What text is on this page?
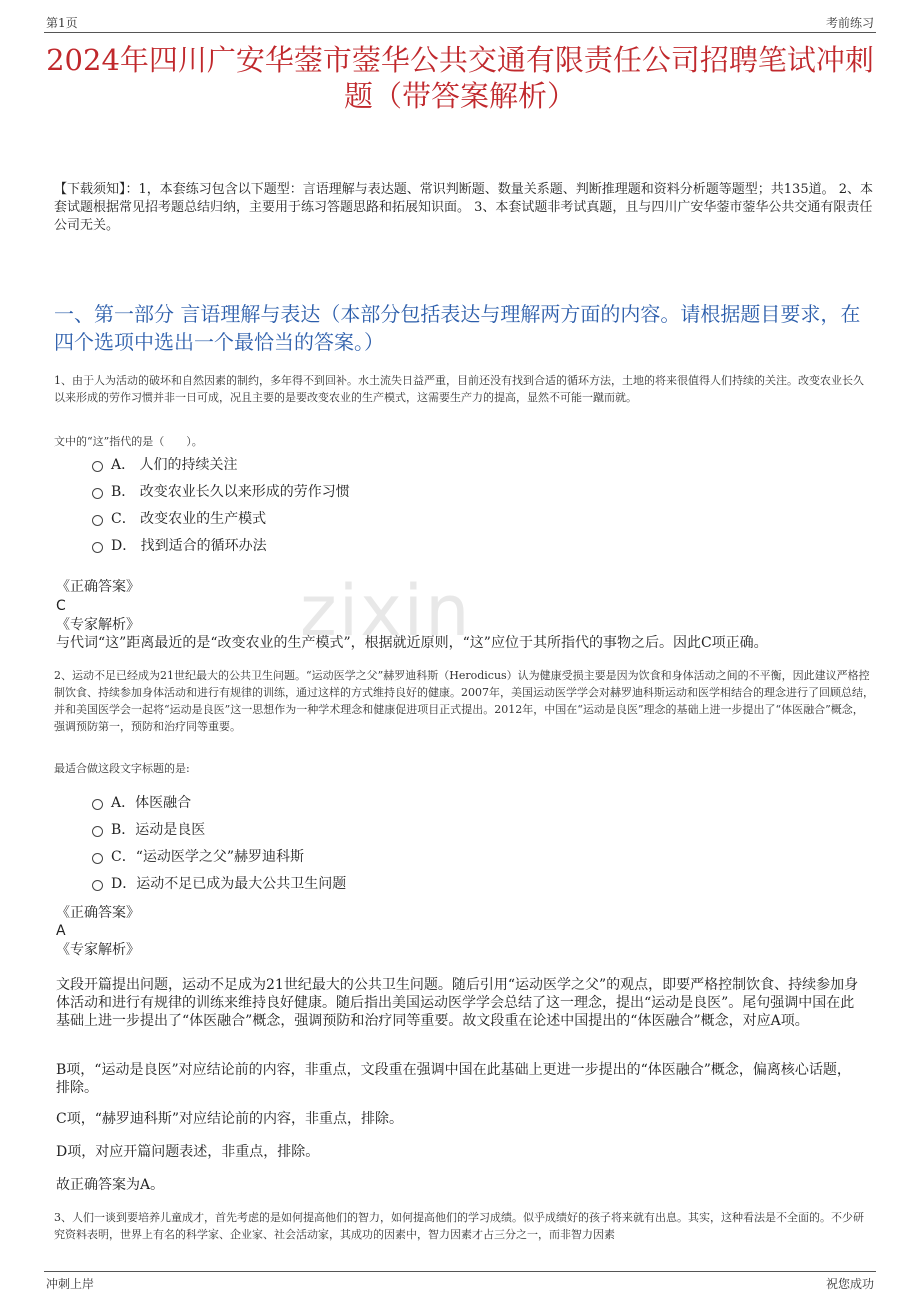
第1页	考前练习
zixin
2024年四川广安华蓥市蓥华公共交通有限责任公司招聘笔试冲刺题（带答案解析）
【下载须知】：1，本套练习包含以下题型：言语理解与表达题、常识判断题、数量关系题、判断推理题和资料分析题等题型；共135道。 2、本套试题根据常见招考题总结归纳，主要用于练习答题思路和拓展知识面。 3、本套试题非考试真题，且与四川广安华蓥市蓥华公共交通有限责任公司无关。
一、第一部分 言语理解与表达（本部分包括表达与理解两方面的内容。请根据题目要求，在四个选项中选出一个最恰当的答案。）
1、由于人为活动的破坏和自然因素的制约，多年得不到回补。水土流失日益严重，目前还没有找到合适的循环方法，土地的将来很值得人们持续的关注。改变农业长久以来形成的劳作习惯并非一日可成，况且主要的是要改变农业的生产模式，这需要生产力的提高，显然不可能一蹴而就。
文中的“这”指代的是（　　）。
A． 人们的持续关注
B． 改变农业长久以来形成的劳作习惯
C． 改变农业的生产模式
D． 找到适合的循环办法
《正确答案》
C
《专家解析》
与代词“这”距离最近的是“改变农业的生产模式”，根据就近原则，“这”应位于其所指代的事物之后。因此C项正确。
2、运动不足已经成为21世纪最大的公共卫生问题。“运动医学之父”赫罗迪科斯（Herodicus）认为健康受损主要是因为饮食和身体活动之间的不平衡，因此建议严格控制饮食、持续参加身体活动和进行有规律的训练，通过这样的方式维持良好的健康。2007年，美国运动医学学会对赫罗迪科斯运动和医学相结合的理念进行了回顾总结，并和美国医学会一起将“运动是良医”这一思想作为一种学术理念和健康促进项目正式提出。2012年，中国在“运动是良医”理念的基础上进一步提出了“体医融合”概念，强调预防第一，预防和治疗同等重要。
最适合做这段文字标题的是:
A．体医融合
B．运动是良医
C．“运动医学之父”赫罗迪科斯
D．运动不足已成为最大公共卫生问题
《正确答案》
A
《专家解析》
文段开篇提出问题，运动不足成为21世纪最大的公共卫生问题。随后引用“运动医学之父”的观点，即要严格控制饮食、持续参加身体活动和进行有规律的训练来维持良好健康。随后指出美国运动医学学会总结了这一理念，提出“运动是良医”。尾句强调中国在此基础上进一步提出了“体医融合”概念，强调预防和治疗同等重要。故文段重在论述中国提出的“体医融合”概念，对应A项。
B项，“运动是良医”对应结论前的内容，非重点，文段重在强调中国在此基础上更进一步提出的“体医融合”概念，偏离核心话题，排除。
C项，“赫罗迪科斯”对应结论前的内容，非重点，排除。
D项，对应开篇问题表述，非重点，排除。
故正确答案为A。
3、人们一谈到要培养儿童成才，首先考虑的是如何提高他们的智力，如何提高他们的学习成绩。似乎成绩好的孩子将来就有出息。其实，这种看法是不全面的。不少研究资料表明，世界上有名的科学家、企业家、社会活动家，其成功的因素中，智力因素才占三分之一，而非智力因素
冲刺上岸	祝您成功
